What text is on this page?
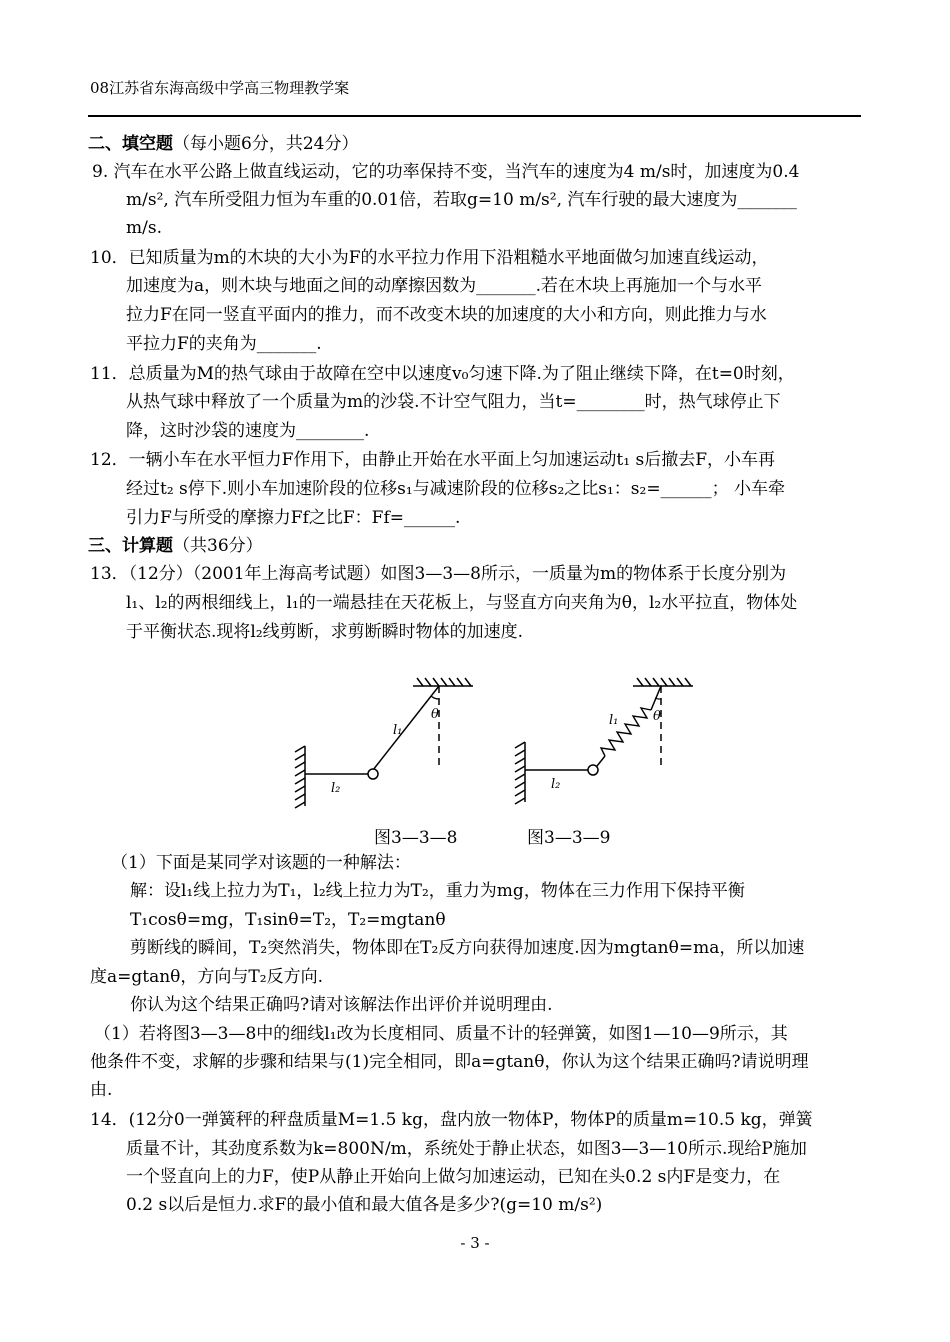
08江苏省东海高级中学高三物理教学案
二、填空题（每小题6分，共24分）
9. 汽车在水平公路上做直线运动，它的功率保持不变，当汽车的速度为4 m/s时，加速度为0.4
m/s², 汽车所受阻力恒为车重的0.01倍，若取g=10 m/s², 汽车行驶的最大速度为_______
m/s.
10．已知质量为m的木块的大小为F的水平拉力作用下沿粗糙水平地面做匀加速直线运动，
加速度为a，则木块与地面之间的动摩擦因数为_______.若在木块上再施加一个与水平
拉力F在同一竖直平面内的推力，而不改变木块的加速度的大小和方向，则此推力与水
平拉力F的夹角为_______.
11．总质量为M的热气球由于故障在空中以速度v₀匀速下降.为了阻止继续下降，在t=0时刻，
从热气球中释放了一个质量为m的沙袋.不计空气阻力，当t=________时，热气球停止下
降，这时沙袋的速度为________.
12．一辆小车在水平恒力F作用下，由静止开始在水平面上匀加速运动t₁ s后撤去F，小车再
经过t₂ s停下.则小车加速阶段的位移s₁与减速阶段的位移s₂之比s₁：s₂=______； 小车牵
引力F与所受的摩擦力Ff之比F：Ff=______.
三、计算题（共36分）
13．（12分）（2001年上海高考试题）如图3—3—8所示，一质量为m的物体系于长度分别为
l₁、l₂的两根细线上，l₁的一端悬挂在天花板上，与竖直方向夹角为θ，l₂水平拉直，物体处
于平衡状态.现将l₂线剪断，求剪断瞬时物体的加速度.
l₁
l₂
θ	l₁
l₂
θ
图3—3—8	图3—3—9
（1）下面是某同学对该题的一种解法：
解：设l₁线上拉力为T₁，l₂线上拉力为T₂，重力为mg，物体在三力作用下保持平衡
T₁cosθ=mg，T₁sinθ=T₂，T₂=mgtanθ
剪断线的瞬间，T₂突然消失，物体即在T₂反方向获得加速度.因为mgtanθ=ma，所以加速
度a=gtanθ，方向与T₂反方向.
你认为这个结果正确吗?请对该解法作出评价并说明理由.
（1）若将图3—3—8中的细线l₁改为长度相同、质量不计的轻弹簧，如图1—10—9所示，其
他条件不变，求解的步骤和结果与(1)完全相同，即a=gtanθ，你认为这个结果正确吗?请说明理
由.
14．(12分0一弹簧秤的秤盘质量M=1.5 kg，盘内放一物体P，物体P的质量m=10.5 kg，弹簧
质量不计，其劲度系数为k=800N/m，系统处于静止状态，如图3—3—10所示.现给P施加
一个竖直向上的力F，使P从静止开始向上做匀加速运动，已知在头0.2 s内F是变力，在
0.2 s以后是恒力.求F的最小值和最大值各是多少?(g=10 m/s²)
- 3 -
